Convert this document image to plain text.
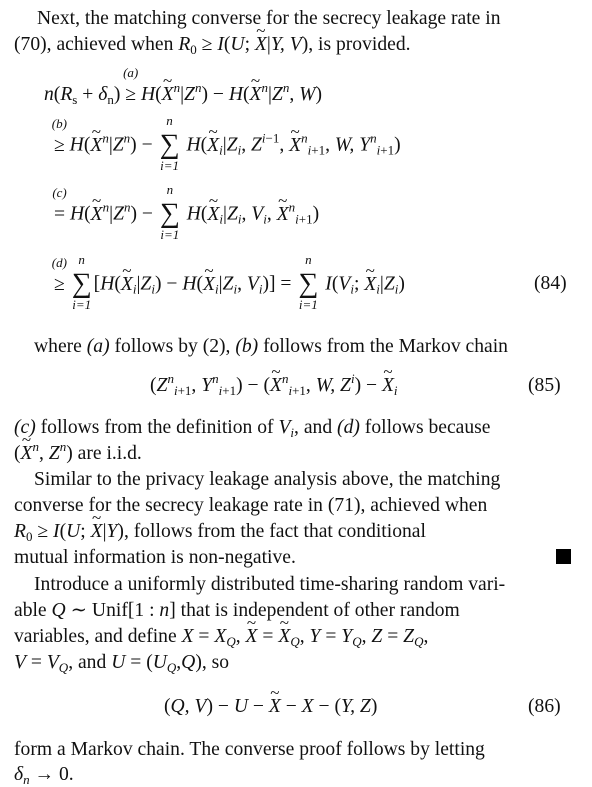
Next, the matching converse for the secrecy leakage rate in
(70), achieved when $R_0 \ge I(U$; ~ X|Y, V), is provided.
$n(R_s + \delta_n)$
(a)
≥ H(~ $X^n|Z^n$) − H(~ $X^n|Z^n$, W)
(b)
≥ H(~ $X^n|Z^n$) −
n
∑
i=1
H(~ $X_i|Z_i$, $Z^{i-1}$, ~ $X^n_{i+1}$, W, $Y^n_{i+1}$)
(c)
= H(~ $X^n|Z^n$) −
n
∑
i=1
H(~ $X_i|Z_i$, $V_i$, ~ $X^n_{i+1}$)
(d)
≥
n
∑
i=1
[H(~ $X_i|Z_i$) − H(~ $X_i|Z_i$, $V_i$)] =
n
∑
i=1
$I(V_i$; ~ $X_i|Z_i$)	(84)
where (a) follows by (2), (b) follows from the Markov chain
($Z^n_{i+1}$, $Y^n_{i+1}$) − (~ $X^n_{i+1}$, W, $Z^i$) − ~ $X_i$	(85)
(c) follows from the definition of $V_i$, and (d) follows because
(~ $X^n$, $Z^n$) are i.i.d.
Similar to the privacy leakage analysis above, the matching
converse for the secrecy leakage rate in (71), achieved when
$R_0 \ge I(U$; ~ X|Y), follows from the fact that conditional
mutual information is non-negative.
Introduce a uniformly distributed time-sharing random vari-
able Q ∼ Unif[1 : n] that is independent of other random
variables, and define $X = X_Q$, ~ X = ~ $X_Q$, $Y = Y_Q$, $Z = Z_Q$,
$V = V_Q$, and $U = (U_Q,Q)$, so
(Q, V) − U − ~ X − X − (Y, Z)	(86)
form a Markov chain. The converse proof follows by letting
$\delta_n \to 0$.
